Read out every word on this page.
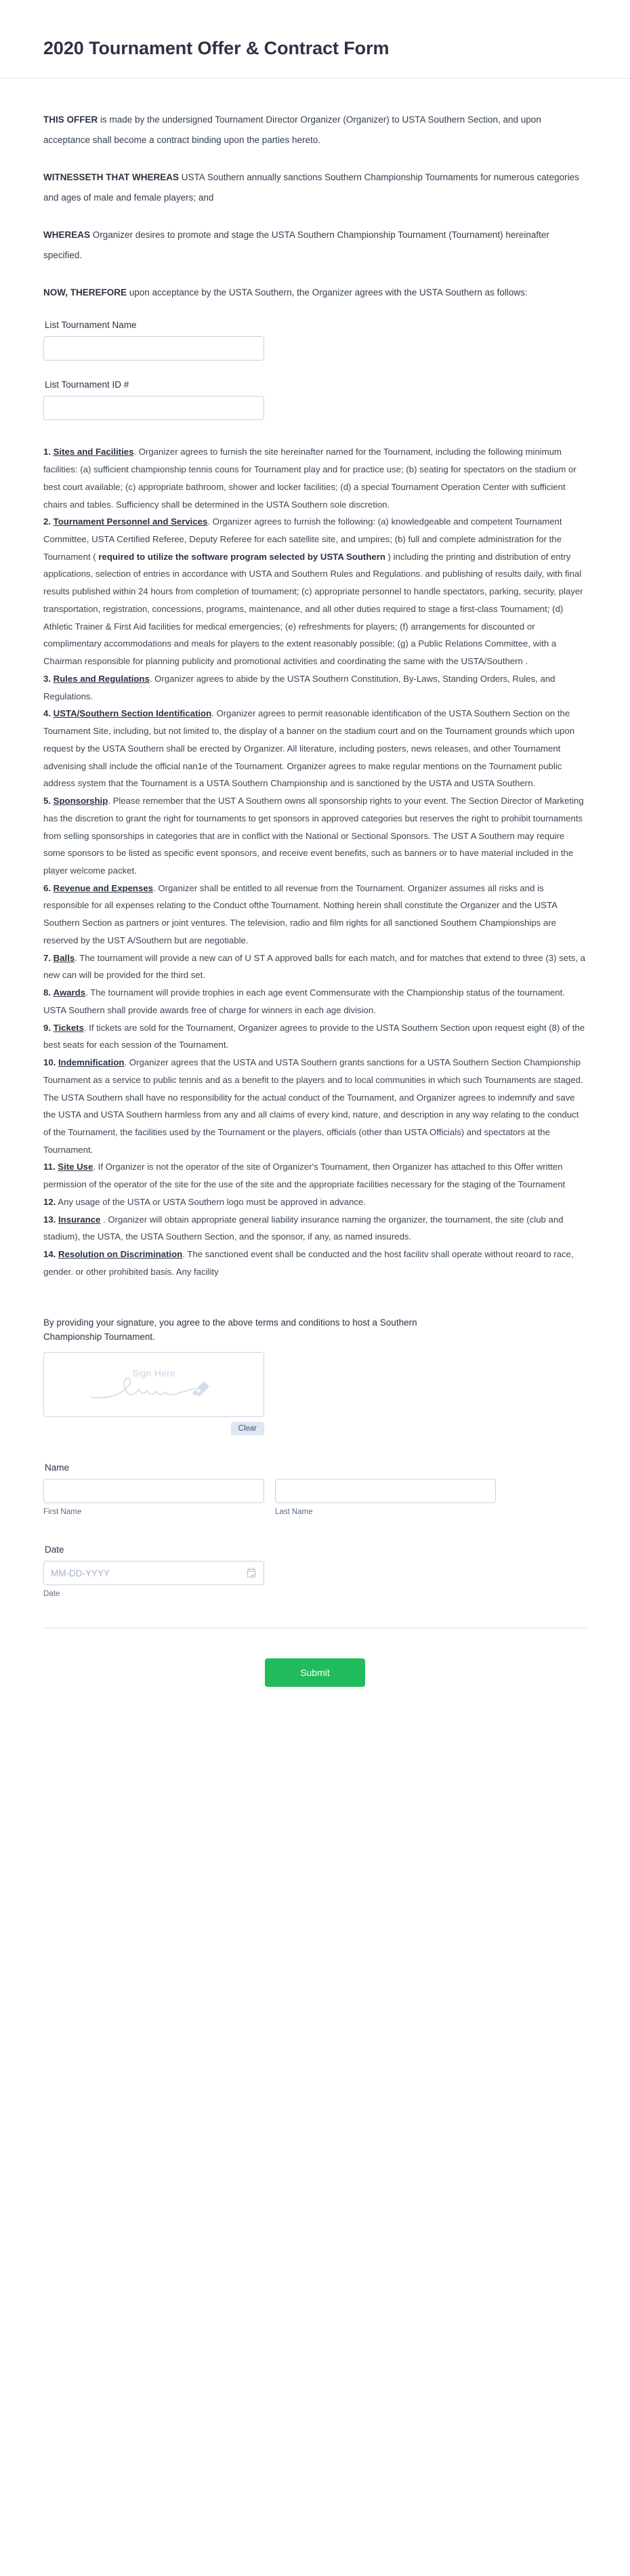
2020 Tournament Offer & Contract Form

THIS OFFER is made by the undersigned Tournament Director Organizer (Organizer) to USTA Southern Section, and upon acceptance shall become a contract binding upon the parties hereto.

WITNESSETH THAT WHEREAS USTA Southern annually sanctions Southern Championship Tournaments for numerous categories and ages of male and female players; and

WHEREAS Organizer desires to promote and stage the USTA Southern Championship Tournament (Tournament) hereinafter specified.

NOW, THEREFORE upon acceptance by the USTA Southern, the Organizer agrees with the USTA Southern as follows:

List Tournament Name
List Tournament ID #

1. Sites and Facilities. Organizer agrees to furnish the site hereinafter named for the Tournament, including the following minimum facilities: (a) sufficient championship tennis couns for Tournament play and for practice use; (b) seating for spectators on the stadium or best court available; (c) appropriate bathroom, shower and locker facilities; (d) a special Tournament Operation Center with sufficient chairs and tables. Sufficiency shall be determined in the USTA Southern sole discretion.

2. Tournament Personnel and Services. Organizer agrees to furnish the following: (a) knowledgeable and competent Tournament Committee, USTA Certified Referee, Deputy Referee for each satellite site, and umpires; (b) full and complete administration for the Tournament ( required to utilize the software program selected by USTA Southern ) including the printing and distribution of entry applications, selection of entries in accordance with USTA and Southern Rules and Regulations. and publishing of results daily, with final results published within 24 hours from completion of tournament; (c) appropriate personnel to handle spectators, parking, security, player transportation, registration, concessions, programs, maintenance, and all other duties required to stage a first-class Tournament; (d) Athletic Trainer & First Aid facilities for medical emergencies; (e) refreshments for players; (f) arrangements for discounted or complimentary accommodations and meals for players to the extent reasonably possible; (g) a Public Relations Committee, with a Chairman responsible for planning publicity and promotional activities and coordinating the same with the USTA/Southern .

3. Rules and Regulations. Organizer agrees to abide by the USTA Southern Constitution, By-Laws, Standing Orders, Rules, and Regulations.

4. USTA/Southern Section Identification. Organizer agrees to permit reasonable identification of the USTA Southern Section on the Tournament Site, including, but not limited to, the display of a banner on the stadium court and on the Tournament grounds which upon request by the USTA Southern shall be erected by Organizer. All literature, including posters, news releases, and other Tournament advenising shall include the official nan1e of the Tournament. Organizer agrees to make regular mentions on the Tournament public address system that the Tournament is a USTA Southern Championship and is sanctioned by the USTA and USTA Southern.

5. Sponsorship. Please remember that the UST A Southern owns all sponsorship rights to your event. The Section Director of Marketing has the discretion to grant the right for tournaments to get sponsors in approved categories but reserves the right to prohibit tournaments from selling sponsorships in categories that are in conflict with the National or Sectional Sponsors. The UST A Southern may require some sponsors to be listed as specific event sponsors, and receive event benefits, such as banners or to have material included in the player welcome packet.

6. Revenue and Expenses. Organizer shall be entitled to all revenue from the Tournament. Organizer assumes all risks and is responsible for all expenses relating to the Conduct ofthe Tournament. Nothing herein shall constitute the Organizer and the USTA Southern Section as partners or joint ventures. The television, radio and film rights for all sanctioned Southern Championships are reserved by the UST A/Southern but are negotiable.

7. Balls. The tournament will provide a new can of U ST A approved balls for each match, and for matches that extend to three (3) sets, a new can will be provided for the third set.

8. Awards. The tournament will provide trophies in each age event Commensurate with the Championship status of the tournament. USTA Southern shall provide awards free of charge for winners in each age division.

9. Tickets. If tickets are sold for the Tournament, Organizer agrees to provide to the USTA Southern Section upon request eight (8) of the best seats for each session of the Tournament.

10. Indemnification. Organizer agrees that the USTA and USTA Southern grants sanctions for a USTA Southern Section Championship Tournament as a service to public tennis and as a benefit to the players and to local communities in which such Tournaments are staged. The USTA Southern shall have no responsibility for the actual conduct of the Tournament, and Organizer agrees to indemnify and save the USTA and USTA Southern harmless from any and all claims of every kind, nature, and description in any way relating to the conduct of the Tournament, the facilities used by the Tournament or the players, officials (other than USTA Officials) and spectators at the Tournament.

11. Site Use. If Organizer is not the operator of the site of Organizer's Tournament, then Organizer has attached to this Offer written permission of the operator of the site for the use of the site and the appropriate facilities necessary for the staging of the Tournament

12. Any usage of the USTA or USTA Southern logo must be approved in advance.

13. Insurance . Organizer will obtain appropriate general liability insurance naming the organizer, the tournament, the site (club and stadium), the USTA, the USTA Southern Section, and the sponsor, if any, as named insureds.

14. Resolution on Discrimination. The sanctioned event shall be conducted and the host facilitv shall operate without reoard to race, gender. or other prohibited basis. Any facility

By providing your signature, you agree to the above terms and conditions to host a Southern Championship Tournament.

Sign Here
Clear
Name
First Name	Last Name
Date
MM-DD-YYYY
Date
Submit
